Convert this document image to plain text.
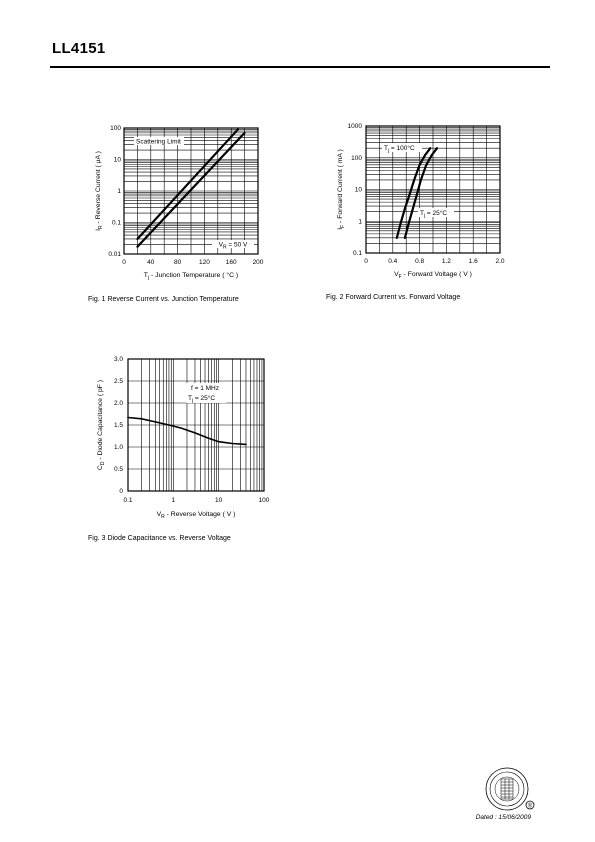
LL4151
Scattering Limit
$V_R = 50$ V
0	40	80	120 160 200
0.01
0.1
1
10
100
$T_j$ - Junction Temperature ( °C )
$I_R$ - Reverse Current ( μA )
Fig. 1 Reverse Current vs. Junction Temperature
$T_j = 100^\circ C$
$T_j = 25^\circ C$
0	0.4	0.8	1.2	1.6	2.0
0.1
1
10
100
1000
$V_F$ - Forward Voltage ( V )
$I_F$ - Forward Current ( mA )
Fig. 2 Forward Current vs. Forward Voltage
f = 1 MHz
$T_j = 25^\circ C$
0.1	1	10	100
0
0.5
1.0
1.5
2.0
2.5
3.0
$V_R$ - Reverse Voltage ( V )
$C_D$ - Diode Capacitance ( pF )
Fig. 3 Diode Capacitance vs. Reverse Voltage
®
Dated : 15/06/2009
